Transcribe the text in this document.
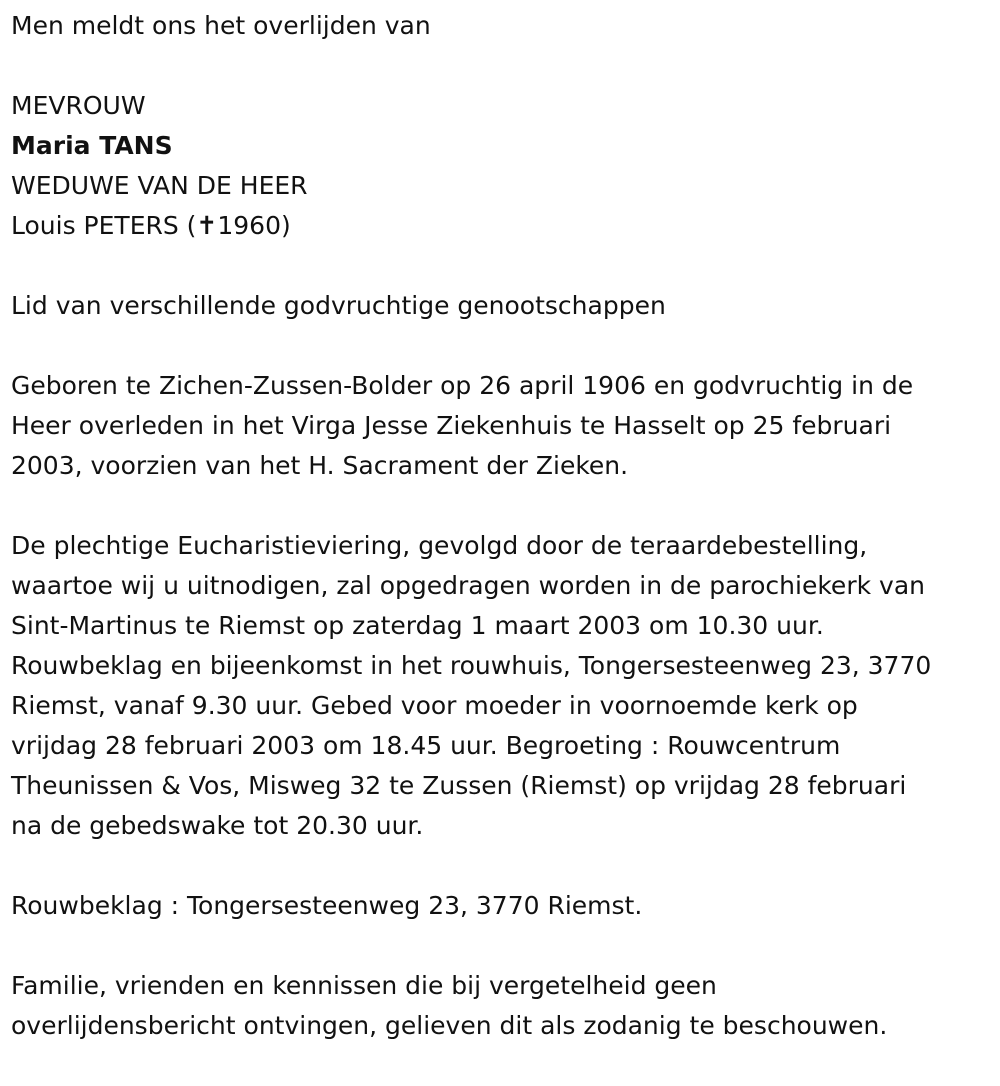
Men meldt ons het overlijden van
MEVROUW
Maria TANS
WEDUWE VAN DE HEER
Louis PETERS (✝1960)
Lid van verschillende godvruchtige genootschappen
Geboren te Zichen-Zussen-Bolder op 26 april 1906 en godvruchtig in de
Heer overleden in het Virga Jesse Ziekenhuis te Hasselt op 25 februari
2003, voorzien van het H. Sacrament der Zieken.
De plechtige Eucharistieviering, gevolgd door de teraardebestelling,
waartoe wij u uitnodigen, zal opgedragen worden in de parochiekerk van
Sint-Martinus te Riemst op zaterdag 1 maart 2003 om 10.30 uur.
Rouwbeklag en bijeenkomst in het rouwhuis, Tongersesteenweg 23, 3770
Riemst, vanaf 9.30 uur. Gebed voor moeder in voornoemde kerk op
vrijdag 28 februari 2003 om 18.45 uur. Begroeting : Rouwcentrum
Theunissen & Vos, Misweg 32 te Zussen (Riemst) op vrijdag 28 februari
na de gebedswake tot 20.30 uur.
Rouwbeklag : Tongersesteenweg 23, 3770 Riemst.
Familie, vrienden en kennissen die bij vergetelheid geen
overlijdensbericht ontvingen, gelieven dit als zodanig te beschouwen.
